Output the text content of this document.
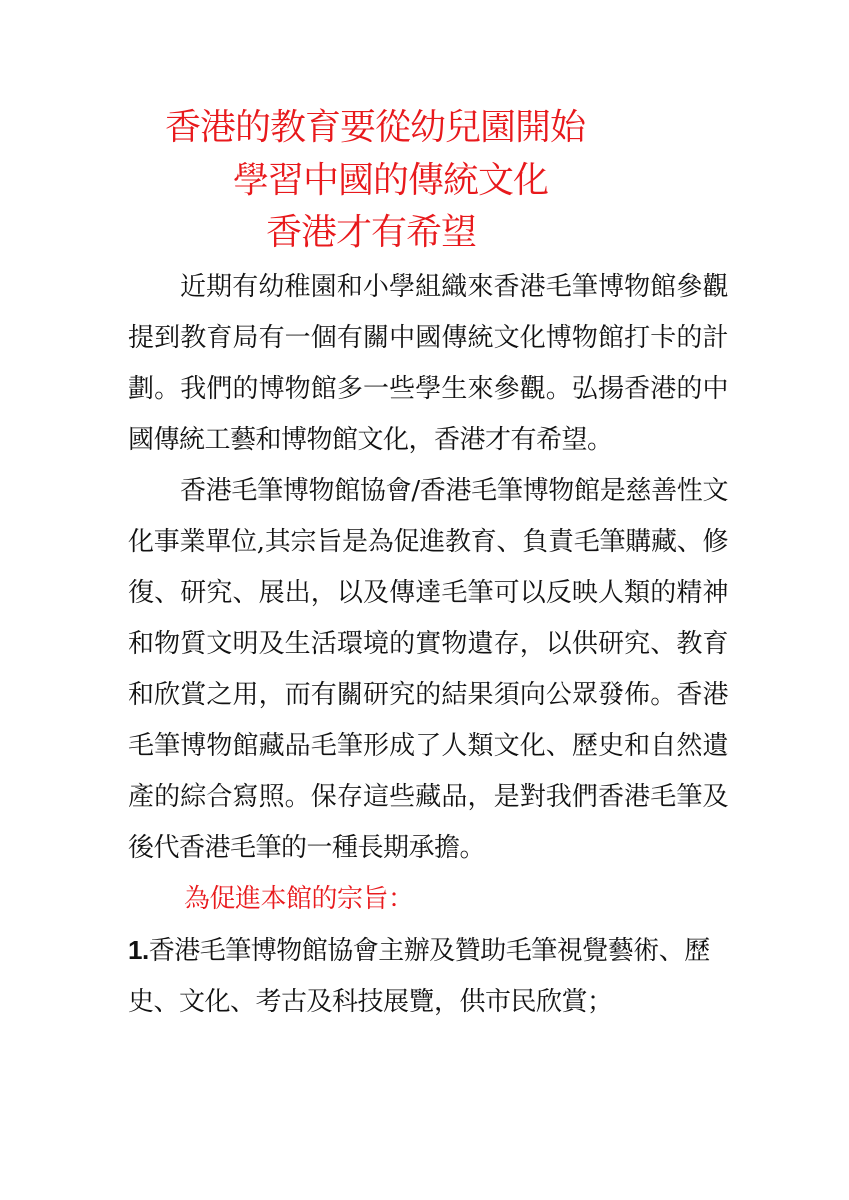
香港的教育要從幼兒園開始
學習中國的傳統文化
香港才有希望

近期有幼稚園和小學組織來香港毛筆博物館參觀提到教育局有一個有關中國傳統文化博物館打卡的計劃。我們的博物館多一些學生來參觀。弘揚香港的中國傳統工藝和博物館文化，香港才有希望。

香港毛筆博物館協會/香港毛筆博物館是慈善性文化事業單位,其宗旨是為促進教育、負責毛筆購藏、修復、研究、展出，以及傳達毛筆可以反映人類的精神和物質文明及生活環境的實物遺存，以供研究、教育和欣賞之用，而有關研究的結果須向公眾發佈。香港毛筆博物館藏品毛筆形成了人類文化、歷史和自然遺產的綜合寫照。保存這些藏品，是對我們香港毛筆及後代香港毛筆的一種長期承擔。

為促進本館的宗旨：

1.香港毛筆博物館協會主辦及贊助毛筆視覺藝術、歷史、文化、考古及科技展覽，供市民欣賞；
